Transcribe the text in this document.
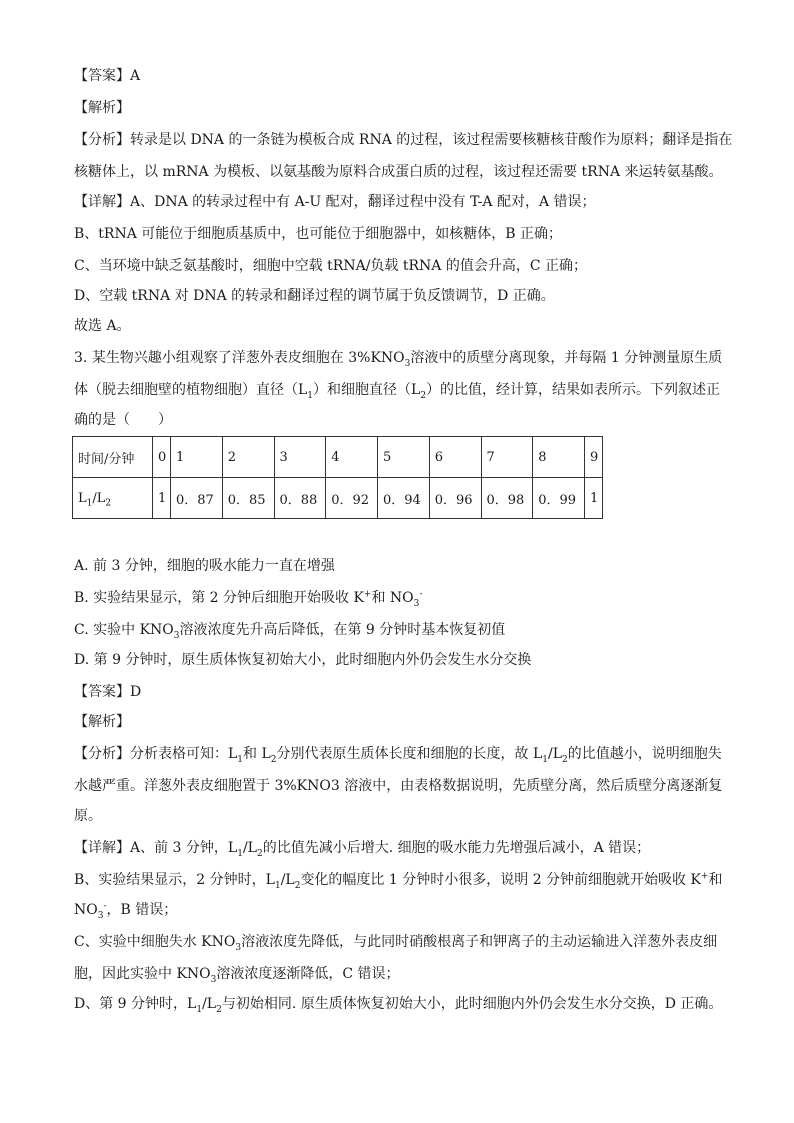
【答案】A
【解析】
【分析】转录是以 DNA 的一条链为模板合成 RNA 的过程，该过程需要核糖核苷酸作为原料；翻译是指在
核糖体上，以 mRNA 为模板、以氨基酸为原料合成蛋白质的过程，该过程还需要 tRNA 来运转氨基酸。
【详解】A、DNA 的转录过程中有 A-U 配对，翻译过程中没有 T-A 配对，A 错误；
B、tRNA 可能位于细胞质基质中，也可能位于细胞器中，如核糖体，B 正确；
C、当环境中缺乏氨基酸时，细胞中空载 tRNA/负载 tRNA 的值会升高，C 正确；
D、空载 tRNA 对 DNA 的转录和翻译过程的调节属于负反馈调节，D 正确。
故选 A。
3. 某生物兴趣小组观察了洋葱外表皮细胞在 $3\%KNO_3$溶液中的质壁分离现象，并每隔 1 分钟测量原生质
体（脱去细胞壁的植物细胞）直径$(L_1)$和细胞直径$(L_2)$的比值，经计算，结果如表所示。下列叙述正
确的是（　　）
时间/分钟	0	1	2	3	4	5	6	7	8	9
$L_1/L_2$	1	0．87	0．85	0．88	0．92	0．94	0．96	0．98	0．99	1
A. 前 3 分钟，细胞的吸水能力一直在增强
B. 实验结果显示，第 2 分钟后细胞开始吸收 K+和 $NO_3^-$
C. 实验中 $KNO_3$溶液浓度先升高后降低，在第 9 分钟时基本恢复初值
D. 第 9 分钟时，原生质体恢复初始大小，此时细胞内外仍会发生水分交换
【答案】D
【解析】
【分析】分析表格可知：$L_1$和 $L_2$分别代表原生质体长度和细胞的长度，故 $L_1/L_2$的比值越小，说明细胞失
水越严重。洋葱外表皮细胞置于 3%KNO3 溶液中，由表格数据说明，先质壁分离，然后质壁分离逐渐复
原。
【详解】A、前 3 分钟，$L_1/L_2$的比值先减小后增大. 细胞的吸水能力先增强后减小，A 错误；
B、实验结果显示，2 分钟时，$L_1/L_2$变化的幅度比 1 分钟时小很多，说明 2 分钟前细胞就开始吸收 K+和
$NO_3^-$，B 错误；
C、实验中细胞失水 $KNO_3$溶液浓度先降低，与此同时硝酸根离子和钾离子的主动运输进入洋葱外表皮细
胞，因此实验中 $KNO_3$溶液浓度逐渐降低，C 错误；
D、第 9 分钟时，$L_1/L_2$与初始相同. 原生质体恢复初始大小，此时细胞内外仍会发生水分交换，D 正确。
